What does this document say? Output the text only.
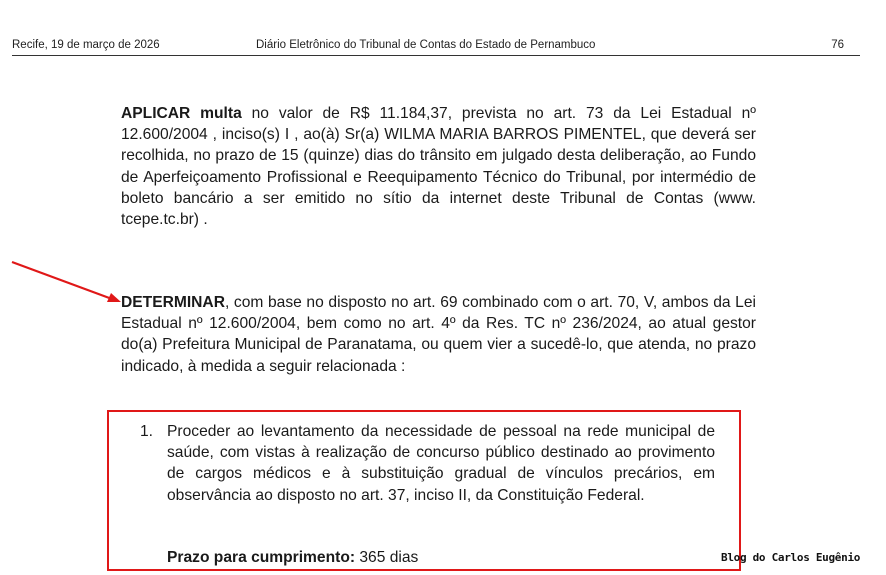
Recife, 19 de março de 2026	Diário Eletrônico do Tribunal de Contas do Estado de Pernambuco	76

APLICAR multa no valor de R$ 11.184,37, prevista no art. 73 da Lei Estadual nº 12.600/2004 , inciso(s) I , ao(à) Sr(a) WILMA MARIA BARROS PIMENTEL, que deverá ser recolhida, no prazo de 15 (quinze) dias do trânsito em julgado desta deliberação, ao Fundo de Aperfeiçoamento Profissional e Reequipamento Técnico do Tribunal, por intermédio de boleto bancário a ser emitido no sítio da internet deste Tribunal de Contas (www. tcepe.tc.br) .

DETERMINAR, com base no disposto no art. 69 combinado com o art. 70, V, ambos da Lei Estadual nº 12.600/2004, bem como no art. 4º da Res. TC nº 236/2024, ao atual gestor do(a) Prefeitura Municipal de Paranatama, ou quem vier a sucedê-lo, que atenda, no prazo indicado, à medida a seguir relacionada :

1. Proceder ao levantamento da necessidade de pessoal na rede municipal de saúde, com vistas à realização de concurso público destinado ao provimento de cargos médicos e à substituição gradual de vínculos precários, em observância ao disposto no art. 37, inciso II, da Constituição Federal.
Prazo para cumprimento: 365 dias	Blog do Carlos Eugênio
